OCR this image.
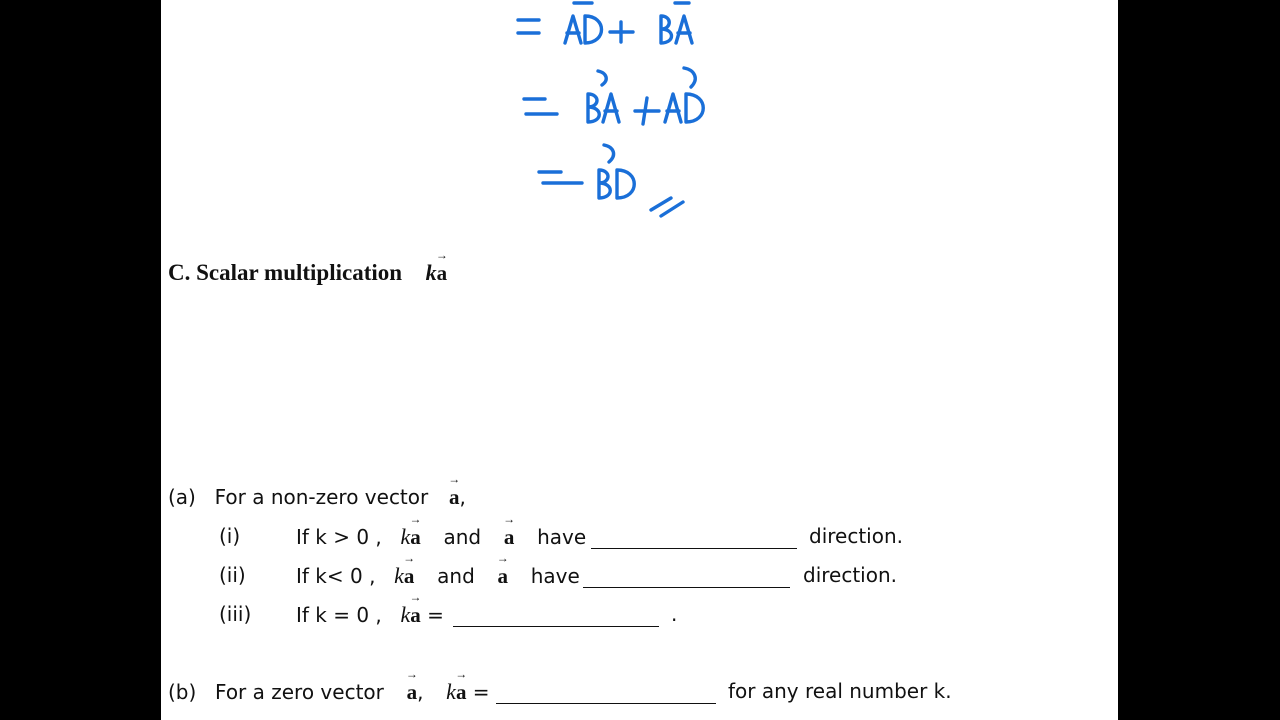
C. Scalar multiplication k→ a
(a) For a non-zero vector → a,
(i)	If k > 0 , k→ a and → a have	direction.
(ii)	If k< 0 , k→ a and → a have	direction.
(iii) If k = 0 , k→ a =	.
(b) For a zero vector → a, k→ a =	for any real number k.
